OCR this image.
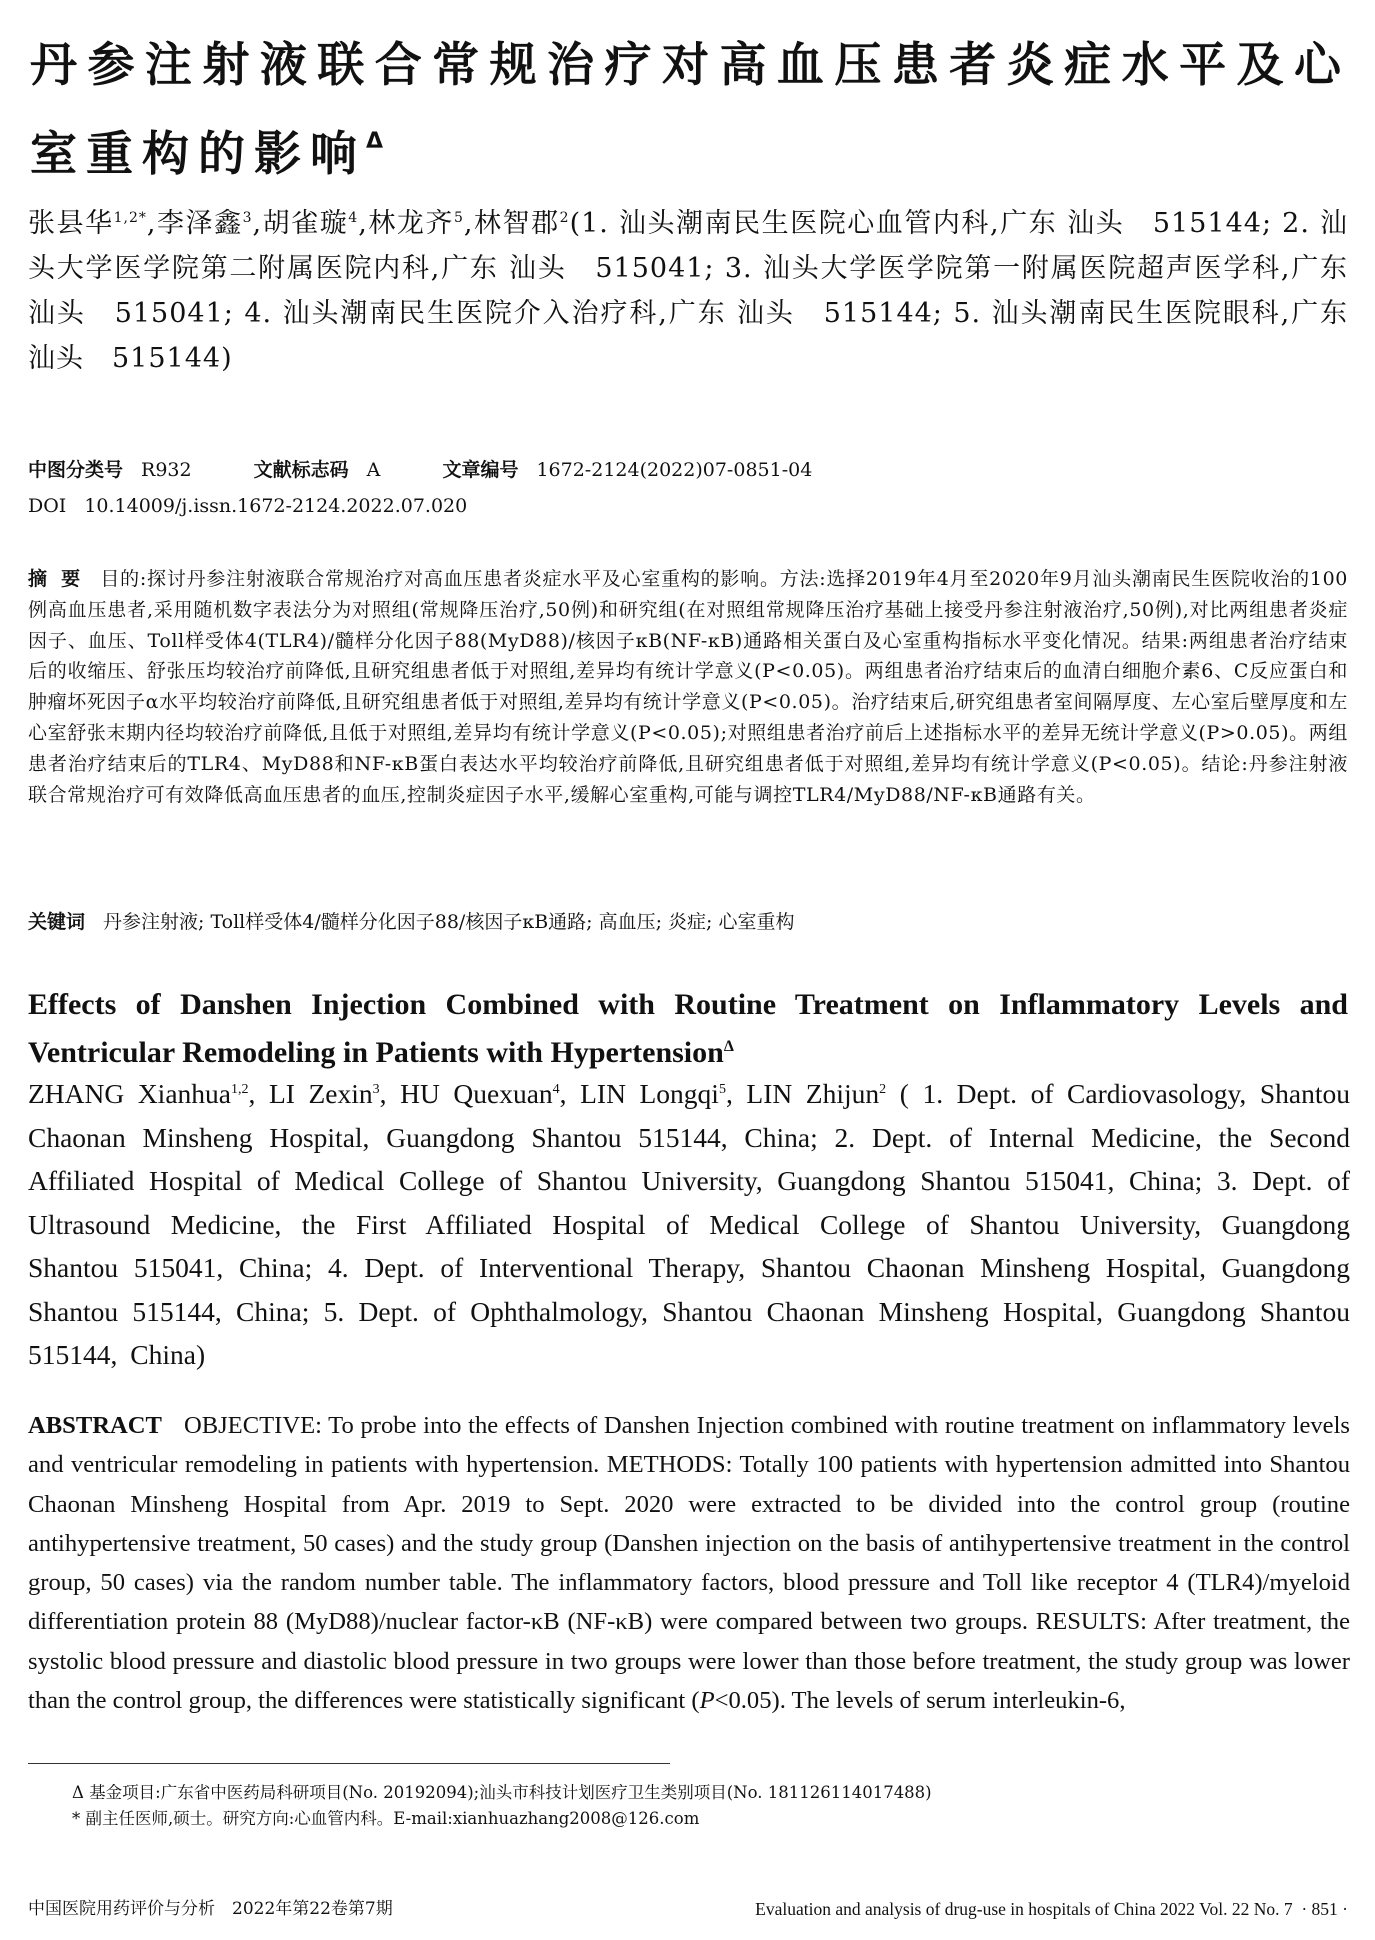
丹参注射液联合常规治疗对高血压患者炎症水平及心室重构的影响$^\Delta$
张县华$^{1,2*}$,李泽鑫$^3$,胡雀璇$^4$,林龙齐$^5$,林智郡$^2$(1. 汕头潮南民生医院心血管内科,广东 汕头　515144; 2. 汕头大学医学院第二附属医院内科,广东 汕头　515041; 3. 汕头大学医学院第一附属医院超声医学科,广东 汕头　515041; 4. 汕头潮南民生医院介入治疗科,广东 汕头　515144; 5. 汕头潮南民生医院眼科,广东 汕头　515144)
中图分类号 R932	文献标志码 A	文章编号 1672-2124(2022)07-0851-04
DOI 10.14009/j.issn.1672-2124.2022.07.020
摘要 目的:探讨丹参注射液联合常规治疗对高血压患者炎症水平及心室重构的影响。方法:选择2019年4月至2020年9月汕头潮南民生医院收治的100例高血压患者,采用随机数字表法分为对照组(常规降压治疗,50例)和研究组(在对照组常规降压治疗基础上接受丹参注射液治疗,50例),对比两组患者炎症因子、血压、Toll样受体4(TLR4)/髓样分化因子88(MyD88)/核因子κB(NF-κB)通路相关蛋白及心室重构指标水平变化情况。结果:两组患者治疗结束后的收缩压、舒张压均较治疗前降低,且研究组患者低于对照组,差异均有统计学意义(P<0.05)。两组患者治疗结束后的血清白细胞介素6、C反应蛋白和肿瘤坏死因子α水平均较治疗前降低,且研究组患者低于对照组,差异均有统计学意义(P<0.05)。治疗结束后,研究组患者室间隔厚度、左心室后壁厚度和左心室舒张末期内径均较治疗前降低,且低于对照组,差异均有统计学意义(P<0.05);对照组患者治疗前后上述指标水平的差异无统计学意义(P>0.05)。两组患者治疗结束后的TLR4、MyD88和NF-κB蛋白表达水平均较治疗前降低,且研究组患者低于对照组,差异均有统计学意义(P<0.05)。结论:丹参注射液联合常规治疗可有效降低高血压患者的血压,控制炎症因子水平,缓解心室重构,可能与调控TLR4/MyD88/NF-κB通路有关。
关键词 丹参注射液; Toll样受体4/髓样分化因子88/核因子κB通路; 高血压; 炎症; 心室重构
Effects of Danshen Injection Combined with Routine Treatment on Inflammatory Levels and Ventricular Remodeling in Patients with Hypertension$^\Delta$
ZHANG Xianhua$^{1,2}$, LI Zexin$^3$, HU Quexuan$^4$, LIN Longqi$^5$, LIN Zhijun$^2$ ( 1. Dept. of Cardiovasology, Shantou Chaonan Minsheng Hospital, Guangdong Shantou 515144, China; 2. Dept. of Internal Medicine, the Second Affiliated Hospital of Medical College of Shantou University, Guangdong Shantou 515041, China; 3. Dept. of Ultrasound Medicine, the First Affiliated Hospital of Medical College of Shantou University, Guangdong Shantou 515041, China; 4. Dept. of Interventional Therapy, Shantou Chaonan Minsheng Hospital, Guangdong Shantou 515144, China; 5. Dept. of Ophthalmology, Shantou Chaonan Minsheng Hospital, Guangdong Shantou 515144, China)
ABSTRACT OBJECTIVE: To probe into the effects of Danshen Injection combined with routine treatment on inflammatory levels and ventricular remodeling in patients with hypertension. METHODS: Totally 100 patients with hypertension admitted into Shantou Chaonan Minsheng Hospital from Apr. 2019 to Sept. 2020 were extracted to be divided into the control group (routine antihypertensive treatment, 50 cases) and the study group (Danshen injection on the basis of antihypertensive treatment in the control group, 50 cases) via the random number table. The inflammatory factors, blood pressure and Toll like receptor 4 (TLR4)/myeloid differentiation protein 88 (MyD88)/nuclear factor-κB (NF-κB) were compared between two groups. RESULTS: After treatment, the systolic blood pressure and diastolic blood pressure in two groups were lower than those before treatment, the study group was lower than the control group, the differences were statistically significant (P<0.05). The levels of serum interleukin-6,
Δ 基金项目:广东省中医药局科研项目(No. 20192094);汕头市科技计划医疗卫生类别项目(No. 181126114017488)
* 副主任医师,硕士。研究方向:心血管内科。E-mail:xianhuazhang2008@126.com
中国医院用药评价与分析　2022年第22卷第7期	Evaluation and analysis of drug-use in hospitals of China 2022 Vol. 22 No. 7 · 851 ·
